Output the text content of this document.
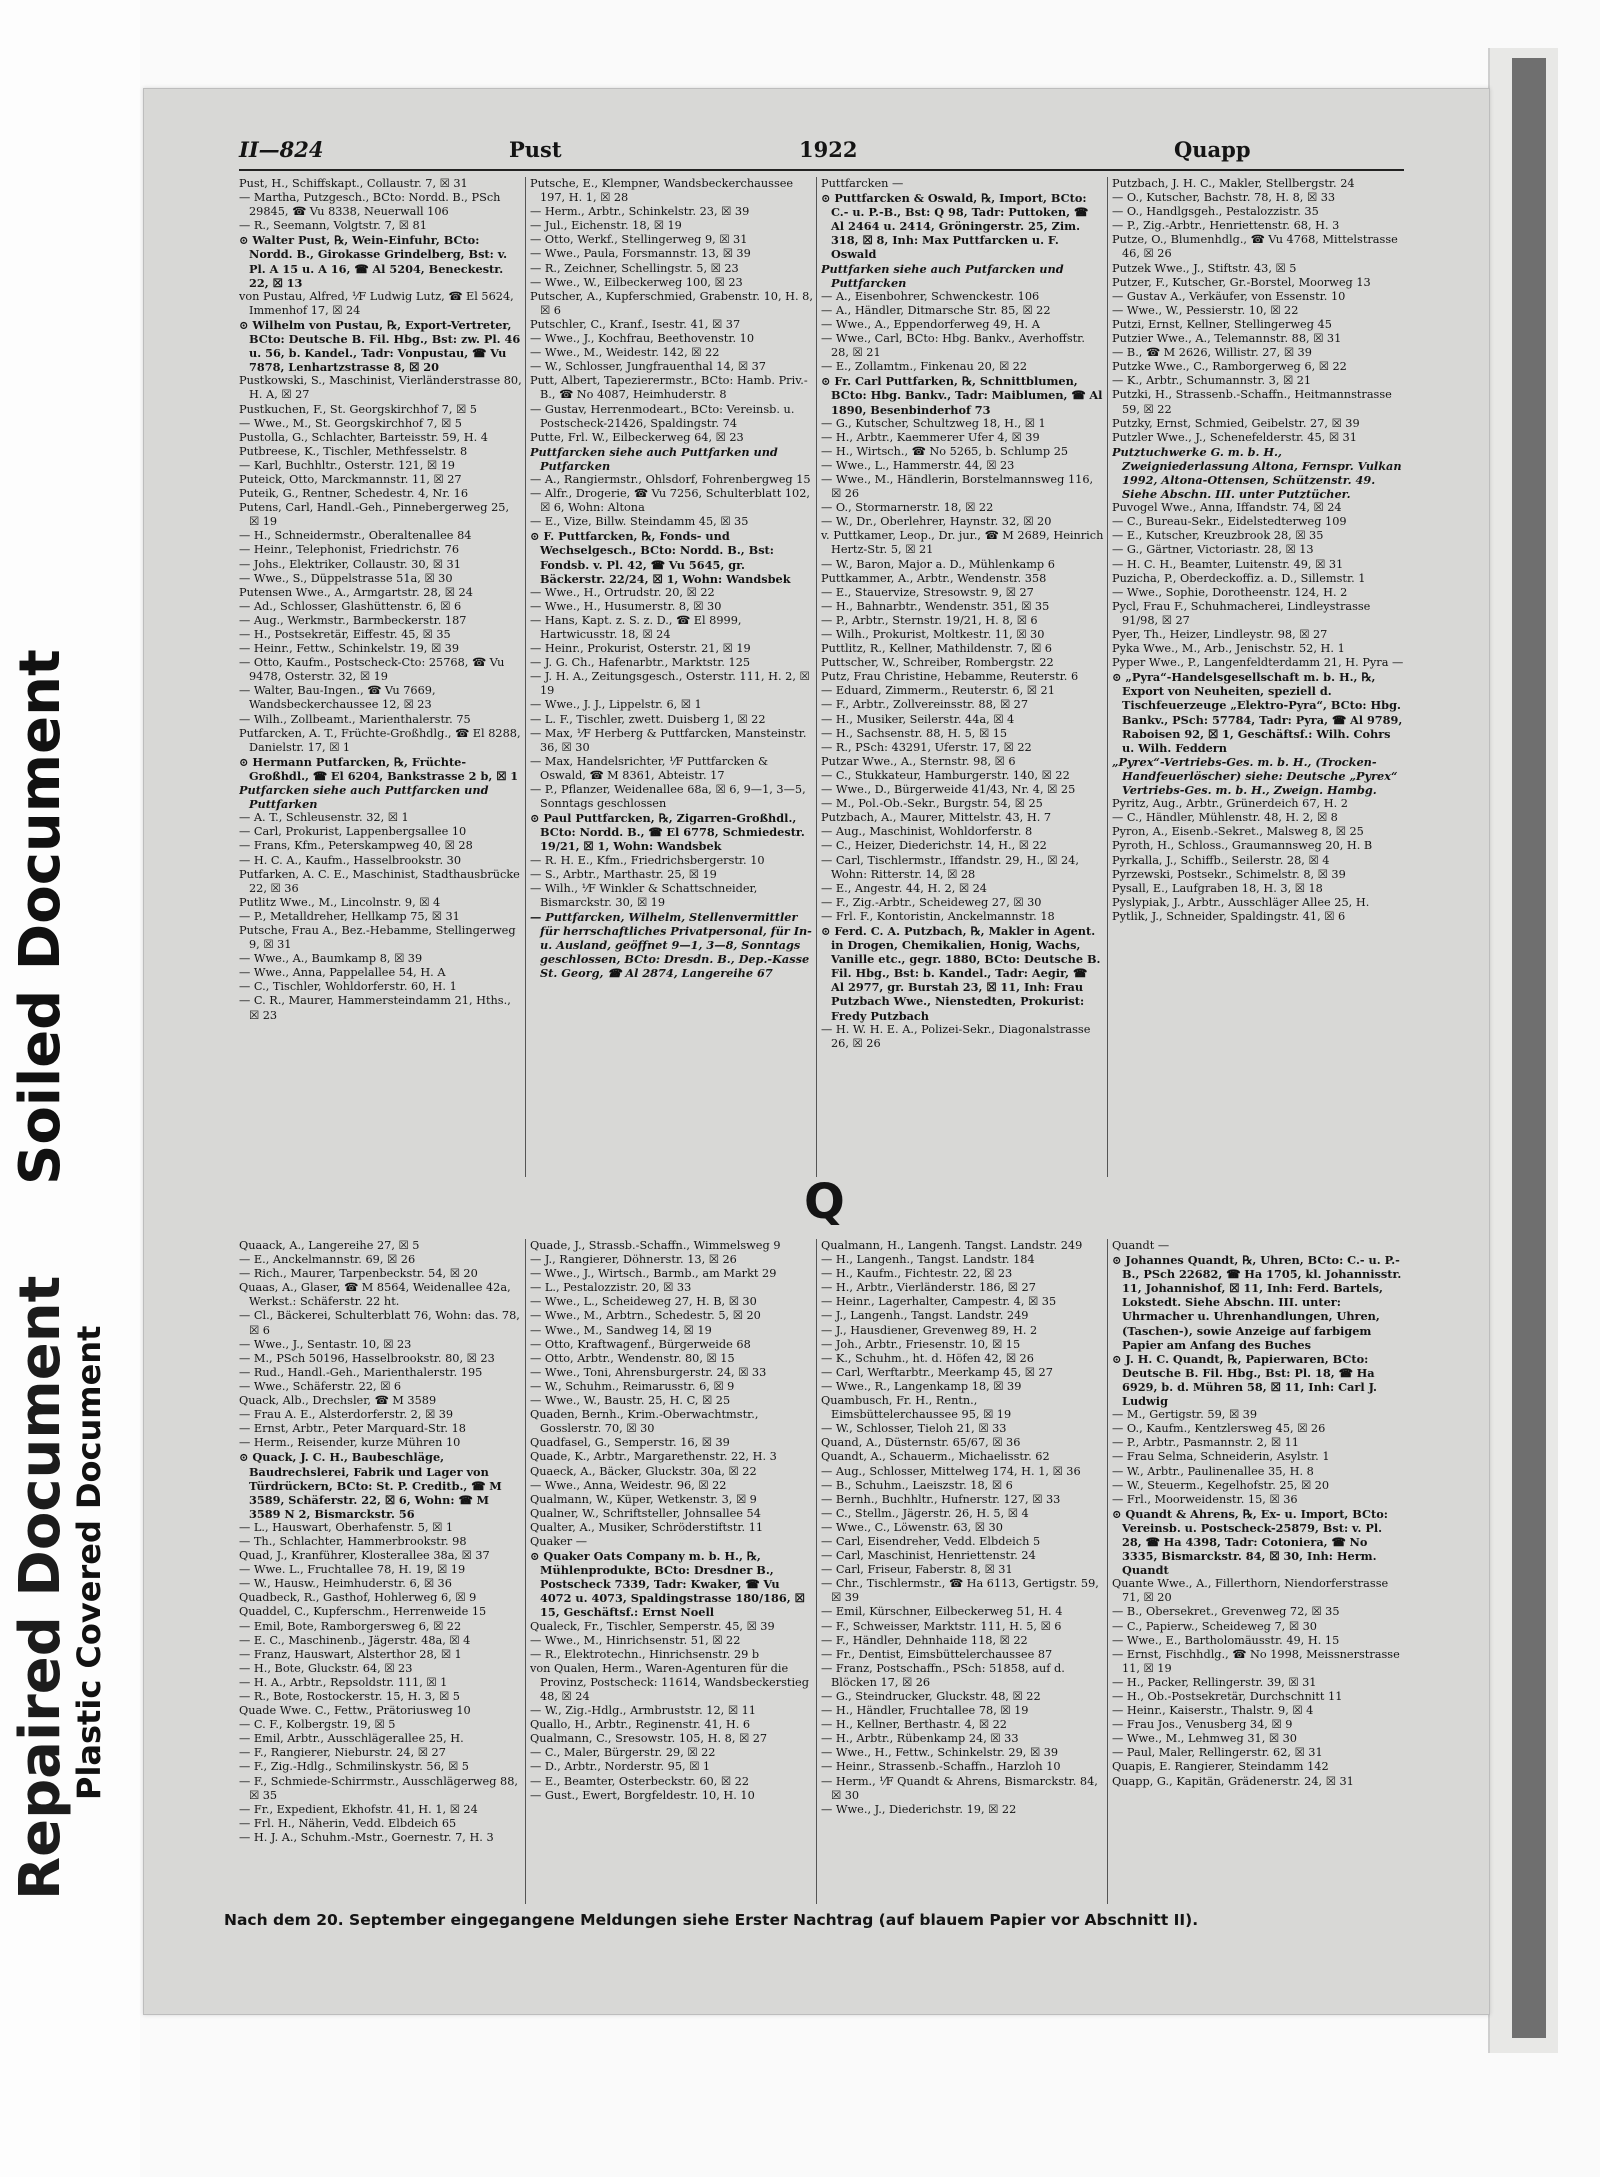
Soiled Document
Repaired Document
Plastic Covered Document
II—824	Pust	1922	Quapp

Pust, H., Schiffskapt., Collaustr. 7, ☒ 31

— Martha, Putzgesch., BCto: Nordd. B., PSch 29845, ☎ Vu 8338, Neuerwall 106

— R., Seemann, Volgtstr. 7, ☒ 81

⊙ Walter Pust, ℞, Wein-Einfuhr, BCto: Nordd. B., Girokasse Grindelberg, Bst: v. Pl. A 15 u. A 16, ☎ Al 5204, Beneckestr. 22, ☒ 13

von Pustau, Alfred, ⅟F Ludwig Lutz, ☎ El 5624, Immenhof 17, ☒ 24

⊙ Wilhelm von Pustau, ℞, Export-Vertreter, BCto: Deutsche B. Fil. Hbg., Bst: zw. Pl. 46 u. 56, b. Kandel., Tadr: Vonpustau, ☎ Vu 7878, Lenhartzstrasse 8, ☒ 20

Pustkowski, S., Maschinist, Vierländerstrasse 80, H. A, ☒ 27

Pustkuchen, F., St. Georgskirchhof 7, ☒ 5

— Wwe., M., St. Georgskirchhof 7, ☒ 5

Pustolla, G., Schlachter, Barteisstr. 59, H. 4

Putbreese, K., Tischler, Methfesselstr. 8

— Karl, Buchhltr., Osterstr. 121, ☒ 19

Puteick, Otto, Marckmannstr. 11, ☒ 27

Puteik, G., Rentner, Schedestr. 4, Nr. 16

Putens, Carl, Handl.-Geh., Pinnebergerweg 25, ☒ 19

— H., Schneidermstr., Oberaltenallee 84

— Heinr., Telephonist, Friedrichstr. 76

— Johs., Elektriker, Collaustr. 30, ☒ 31

— Wwe., S., Düppelstrasse 51a, ☒ 30

Putensen Wwe., A., Armgartstr. 28, ☒ 24

— Ad., Schlosser, Glashüttenstr. 6, ☒ 6

— Aug., Werkmstr., Barmbeckerstr. 187

— H., Postsekretär, Eiffestr. 45, ☒ 35

— Heinr., Fettw., Schinkelstr. 19, ☒ 39

— Otto, Kaufm., Postscheck-Cto: 25768, ☎ Vu 9478, Osterstr. 32, ☒ 19

— Walter, Bau-Ingen., ☎ Vu 7669, Wandsbeckerchaussee 12, ☒ 23

— Wilh., Zollbeamt., Marienthalerstr. 75

Putfarcken, A. T., Früchte-Großhdlg., ☎ El 8288, Danielstr. 17, ☒ 1

⊙ Hermann Putfarcken, ℞, Früchte-Großhdl., ☎ El 6204, Bankstrasse 2 b, ☒ 1

Putfarcken siehe auch Puttfarcken und Puttfarken

— A. T., Schleusenstr. 32, ☒ 1

— Carl, Prokurist, Lappenbergsallee 10

— Frans, Kfm., Peterskampweg 40, ☒ 28

— H. C. A., Kaufm., Hasselbrookstr. 30

Putfarken, A. C. E., Maschinist, Stadthausbrücke 22, ☒ 36

Putlitz Wwe., M., Lincolnstr. 9, ☒ 4

— P., Metalldreher, Hellkamp 75, ☒ 31

Putsche, Frau A., Bez.-Hebamme, Stellingerweg 9, ☒ 31

— Wwe., A., Baumkamp 8, ☒ 39

— Wwe., Anna, Pappelallee 54, H. A

— C., Tischler, Wohldorferstr. 60, H. 1

— C. R., Maurer, Hammersteindamm 21, Hths., ☒ 23

Putsche, E., Klempner, Wandsbeckerchaussee 197, H. 1, ☒ 28

— Herm., Arbtr., Schinkelstr. 23, ☒ 39

— Jul., Eichenstr. 18, ☒ 19

— Otto, Werkf., Stellingerweg 9, ☒ 31

— Wwe., Paula, Forsmannstr. 13, ☒ 39

— R., Zeichner, Schellingstr. 5, ☒ 23

— Wwe., W., Eilbeckerweg 100, ☒ 23

Putscher, A., Kupferschmied, Grabenstr. 10, H. 8, ☒ 6

Putschler, C., Kranf., Isestr. 41, ☒ 37

— Wwe., J., Kochfrau, Beethovenstr. 10

— Wwe., M., Weidestr. 142, ☒ 22

— W., Schlosser, Jungfrauenthal 14, ☒ 37

Putt, Albert, Tapezierermstr., BCto: Hamb. Priv.-B., ☎ No 4087, Heimhuderstr. 8

— Gustav, Herrenmodeart., BCto: Vereinsb. u. Postscheck-21426, Spaldingstr. 74

Putte, Frl. W., Eilbeckerweg 64, ☒ 23

Puttfarcken siehe auch Puttfarken und Putfarcken

— A., Rangiermstr., Ohlsdorf, Fohrenbergweg 15

— Alfr., Drogerie, ☎ Vu 7256, Schulterblatt 102, ☒ 6, Wohn: Altona

— E., Vize, Billw. Steindamm 45, ☒ 35

⊙ F. Puttfarcken, ℞, Fonds- und Wechselgesch., BCto: Nordd. B., Bst: Fondsb. v. Pl. 42, ☎ Vu 5645, gr. Bäckerstr. 22/24, ☒ 1, Wohn: Wandsbek

— Wwe., H., Ortrudstr. 20, ☒ 22

— Wwe., H., Husumerstr. 8, ☒ 30

— Hans, Kapt. z. S. z. D., ☎ El 8999, Hartwicusstr. 18, ☒ 24

— Heinr., Prokurist, Osterstr. 21, ☒ 19

— J. G. Ch., Hafenarbtr., Marktstr. 125

— J. H. A., Zeitungsgesch., Osterstr. 111, H. 2, ☒ 19

— Wwe., J. J., Lippelstr. 6, ☒ 1

— L. F., Tischler, zwett. Duisberg 1, ☒ 22

— Max, ⅟F Herberg & Puttfarcken, Mansteinstr. 36, ☒ 30

— Max, Handelsrichter, ⅟F Puttfarcken & Oswald, ☎ M 8361, Abteistr. 17

— P., Pflanzer, Weidenallee 68a, ☒ 6, 9—1, 3—5, Sonntags geschlossen

⊙ Paul Puttfarcken, ℞, Zigarren-Großhdl., BCto: Nordd. B., ☎ El 6778, Schmiedestr. 19/21, ☒ 1, Wohn: Wandsbek

— R. H. E., Kfm., Friedrichsbergerstr. 10

— S., Arbtr., Marthastr. 25, ☒ 19

— Wilh., ⅟F Winkler & Schattschneider, Bismarckstr. 30, ☒ 19

— Puttfarcken, Wilhelm, Stellenvermittler für herrschaftliches Privatpersonal, für In- u. Ausland, geöffnet 9—1, 3—8, Sonntags geschlossen, BCto: Dresdn. B., Dep.-Kasse St. Georg, ☎ Al 2874, Langereihe 67

Puttfarcken —

⊙ Puttfarcken & Oswald, ℞, Import, BCto: C.- u. P.-B., Bst: Q 98, Tadr: Puttoken, ☎ Al 2464 u. 2414, Gröningerstr. 25, Zim. 318, ☒ 8, Inh: Max Puttfarcken u. F. Oswald

Puttfarken siehe auch Putfarcken und Puttfarcken

— A., Eisenbohrer, Schwenckestr. 106

— A., Händler, Ditmarsche Str. 85, ☒ 22

— Wwe., A., Eppendorferweg 49, H. A

— Wwe., Carl, BCto: Hbg. Bankv., Averhoffstr. 28, ☒ 21

— E., Zollamtm., Finkenau 20, ☒ 22

⊙ Fr. Carl Puttfarken, ℞, Schnittblumen, BCto: Hbg. Bankv., Tadr: Maiblumen, ☎ Al 1890, Besenbinderhof 73

— G., Kutscher, Schultzweg 18, H., ☒ 1

— H., Arbtr., Kaemmerer Ufer 4, ☒ 39

— H., Wirtsch., ☎ No 5265, b. Schlump 25

— Wwe., L., Hammerstr. 44, ☒ 23

— Wwe., M., Händlerin, Borstelmannsweg 116, ☒ 26

— O., Stormarnerstr. 18, ☒ 22

— W., Dr., Oberlehrer, Haynstr. 32, ☒ 20

v. Puttkamer, Leop., Dr. jur., ☎ M 2689, Heinrich Hertz-Str. 5, ☒ 21

— W., Baron, Major a. D., Mühlenkamp 6

Puttkammer, A., Arbtr., Wendenstr. 358

— E., Stauervize, Stresowstr. 9, ☒ 27

— H., Bahnarbtr., Wendenstr. 351, ☒ 35

— P., Arbtr., Sternstr. 19/21, H. 8, ☒ 6

— Wilh., Prokurist, Moltkestr. 11, ☒ 30

Puttlitz, R., Kellner, Mathildenstr. 7, ☒ 6

Puttscher, W., Schreiber, Rombergstr. 22

Putz, Frau Christine, Hebamme, Reuterstr. 6

— Eduard, Zimmerm., Reuterstr. 6, ☒ 21

— F., Arbtr., Zollvereinsstr. 88, ☒ 27

— H., Musiker, Seilerstr. 44a, ☒ 4

— H., Sachsenstr. 88, H. 5, ☒ 15

— R., PSch: 43291, Uferstr. 17, ☒ 22

Putzar Wwe., A., Sternstr. 98, ☒ 6

— C., Stukkateur, Hamburgerstr. 140, ☒ 22

— Wwe., D., Bürgerweide 41/43, Nr. 4, ☒ 25

— M., Pol.-Ob.-Sekr., Burgstr. 54, ☒ 25

Putzbach, A., Maurer, Mittelstr. 43, H. 7

— Aug., Maschinist, Wohldorferstr. 8

— C., Heizer, Diederichstr. 14, H., ☒ 22

— Carl, Tischlermstr., Iffandstr. 29, H., ☒ 24, Wohn: Ritterstr. 14, ☒ 28

— E., Angestr. 44, H. 2, ☒ 24

— F., Zig.-Arbtr., Scheideweg 27, ☒ 30

— Frl. F., Kontoristin, Anckelmannstr. 18

⊙ Ferd. C. A. Putzbach, ℞, Makler in Agent. in Drogen, Chemikalien, Honig, Wachs, Vanille etc., gegr. 1880, BCto: Deutsche B. Fil. Hbg., Bst: b. Kandel., Tadr: Aegir, ☎ Al 2977, gr. Burstah 23, ☒ 11, Inh: Frau Putzbach Wwe., Nienstedten, Prokurist: Fredy Putzbach

— H. W. H. E. A., Polizei-Sekr., Diagonalstrasse 26, ☒ 26

Putzbach, J. H. C., Makler, Stellbergstr. 24

— O., Kutscher, Bachstr. 78, H. 8, ☒ 33

— O., Handlgsgeh., Pestalozzistr. 35

— P., Zig.-Arbtr., Henriettenstr. 68, H. 3

Putze, O., Blumenhdlg., ☎ Vu 4768, Mittelstrasse 46, ☒ 26

Putzek Wwe., J., Stiftstr. 43, ☒ 5

Putzer, F., Kutscher, Gr.-Borstel, Moorweg 13

— Gustav A., Verkäufer, von Essenstr. 10

— Wwe., W., Pessierstr. 10, ☒ 22

Putzi, Ernst, Kellner, Stellingerweg 45

Putzier Wwe., A., Telemannstr. 88, ☒ 31

— B., ☎ M 2626, Willistr. 27, ☒ 39

Putzke Wwe., C., Ramborgerweg 6, ☒ 22

— K., Arbtr., Schumannstr. 3, ☒ 21

Putzki, H., Strassenb.-Schaffn., Heitmannstrasse 59, ☒ 22

Putzky, Ernst, Schmied, Geibelstr. 27, ☒ 39

Putzler Wwe., J., Schenefelderstr. 45, ☒ 31

Putztuchwerke G. m. b. H., Zweigniederlassung Altona, Fernspr. Vulkan 1992, Altona-Ottensen, Schützenstr. 49. Siehe Abschn. III. unter Putztücher.

Puvogel Wwe., Anna, Iffandstr. 74, ☒ 24

— C., Bureau-Sekr., Eidelstedterweg 109

— E., Kutscher, Kreuzbrook 28, ☒ 35

— G., Gärtner, Victoriastr. 28, ☒ 13

— H. C. H., Beamter, Luitenstr. 49, ☒ 31

Puzicha, P., Oberdeckoffiz. a. D., Sillemstr. 1

— Wwe., Sophie, Dorotheenstr. 124, H. 2

Pycl, Frau F., Schuhmacherei, Lindleystrasse 91/98, ☒ 27

Pyer, Th., Heizer, Lindleystr. 98, ☒ 27

Pyka Wwe., M., Arb., Jenischstr. 52, H. 1

Pyper Wwe., P., Langenfeldterdamm 21, H. Pyra —

⊙ „Pyra“-Handelsgesellschaft m. b. H., ℞, Export von Neuheiten, speziell d. Tischfeuerzeuge „Elektro-Pyra“, BCto: Hbg. Bankv., PSch: 57784, Tadr: Pyra, ☎ Al 9789, Raboisen 92, ☒ 1, Geschäftsf.: Wilh. Cohrs u. Wilh. Feddern

„Pyrex“-Vertriebs-Ges. m. b. H., (Trocken-Handfeuerlöscher) siehe: Deutsche „Pyrex“ Vertriebs-Ges. m. b. H., Zweign. Hambg.

Pyritz, Aug., Arbtr., Grünerdeich 67, H. 2

— C., Händler, Mühlenstr. 48, H. 2, ☒ 8

Pyron, A., Eisenb.-Sekret., Malsweg 8, ☒ 25

Pyroth, H., Schloss., Graumannsweg 20, H. B

Pyrkalla, J., Schiffb., Seilerstr. 28, ☒ 4

Pyrzewski, Postsekr., Schimelstr. 8, ☒ 39

Pysall, E., Laufgraben 18, H. 3, ☒ 18

Pyslypiak, J., Arbtr., Ausschläger Allee 25, H.

Pytlik, J., Schneider, Spaldingstr. 41, ☒ 6

Q

Quaack, A., Langereihe 27, ☒ 5

— E., Anckelmannstr. 69, ☒ 26

— Rich., Maurer, Tarpenbeckstr. 54, ☒ 20

Quaas, A., Glaser, ☎ M 8564, Weidenallee 42a, Werkst.: Schäferstr. 22 ht.

— Cl., Bäckerei, Schulterblatt 76, Wohn: das. 78, ☒ 6

— Wwe., J., Sentastr. 10, ☒ 23

— M., PSch 50196, Hasselbrookstr. 80, ☒ 23

— Rud., Handl.-Geh., Marienthalerstr. 195

— Wwe., Schäferstr. 22, ☒ 6

Quack, Alb., Drechsler, ☎ M 3589

— Frau A. E., Alsterdorferstr. 2, ☒ 39

— Ernst, Arbtr., Peter Marquard-Str. 18

— Herm., Reisender, kurze Mühren 10

⊙ Quack, J. C. H., Baubeschläge, Baudrechslerei, Fabrik und Lager von Türdrückern, BCto: St. P. Creditb., ☎ M 3589, Schäferstr. 22, ☒ 6, Wohn: ☎ M 3589 N 2, Bismarckstr. 56

— L., Hauswart, Oberhafenstr. 5, ☒ 1

— Th., Schlachter, Hammerbrookstr. 98

Quad, J., Kranführer, Klosterallee 38a, ☒ 37

— Wwe. L., Fruchtallee 78, H. 19, ☒ 19

— W., Hausw., Heimhuderstr. 6, ☒ 36

Quadbeck, R., Gasthof, Hohlerweg 6, ☒ 9

Quaddel, C., Kupferschm., Herrenweide 15

— Emil, Bote, Ramborgersweg 6, ☒ 22

— E. C., Maschinenb., Jägerstr. 48a, ☒ 4

— Franz, Hauswart, Alsterthor 28, ☒ 1

— H., Bote, Gluckstr. 64, ☒ 23

— H. A., Arbtr., Repsoldstr. 111, ☒ 1

— R., Bote, Rostockerstr. 15, H. 3, ☒ 5

Quade Wwe. C., Fettw., Prätoriusweg 10

— C. F., Kolbergstr. 19, ☒ 5

— Emil, Arbtr., Ausschlägerallee 25, H.

— F., Rangierer, Nieburstr. 24, ☒ 27

— F., Zig.-Hdlg., Schmilinskystr. 56, ☒ 5

— F., Schmiede-Schirrmstr., Ausschlägerweg 88, ☒ 35

— Fr., Expedient, Ekhofstr. 41, H. 1, ☒ 24

— Frl. H., Näherin, Vedd. Elbdeich 65

— H. J. A., Schuhm.-Mstr., Goernestr. 7, H. 3

Quade, J., Strassb.-Schaffn., Wimmelsweg 9

— J., Rangierer, Döhnerstr. 13, ☒ 26

— Wwe., J., Wirtsch., Barmb., am Markt 29

— L., Pestalozzistr. 20, ☒ 33

— Wwe., L., Scheideweg 27, H. B, ☒ 30

— Wwe., M., Arbtrn., Schedestr. 5, ☒ 20

— Wwe., M., Sandweg 14, ☒ 19

— Otto, Kraftwagenf., Bürgerweide 68

— Otto, Arbtr., Wendenstr. 80, ☒ 15

— Wwe., Toni, Ahrensburgerstr. 24, ☒ 33

— W., Schuhm., Reimarusstr. 6, ☒ 9

— Wwe., W., Baustr. 25, H. C, ☒ 25

Quaden, Bernh., Krim.-Oberwachtmstr., Gosslerstr. 70, ☒ 30

Quadfasel, G., Semperstr. 16, ☒ 39

Quade, K., Arbtr., Margarethenstr. 22, H. 3

Quaeck, A., Bäcker, Gluckstr. 30a, ☒ 22

— Wwe., Anna, Weidestr. 96, ☒ 22

Qualmann, W., Küper, Wetkenstr. 3, ☒ 9

Qualner, W., Schriftsteller, Johnsallee 54

Qualter, A., Musiker, Schröderstiftstr. 11

Quaker —

⊙ Quaker Oats Company m. b. H., ℞, Mühlenprodukte, BCto: Dresdner B., Postscheck 7339, Tadr: Kwaker, ☎ Vu 4072 u. 4073, Spaldingstrasse 180/186, ☒ 15, Geschäftsf.: Ernst Noell

Qualeck, Fr., Tischler, Semperstr. 45, ☒ 39

— Wwe., M., Hinrichsenstr. 51, ☒ 22

— R., Elektrotechn., Hinrichsenstr. 29 b

von Qualen, Herm., Waren-Agenturen für die Provinz, Postscheck: 11614, Wandsbeckerstieg 48, ☒ 24

— W., Zig.-Hdlg., Armbruststr. 12, ☒ 11

Quallo, H., Arbtr., Reginenstr. 41, H. 6

Qualmann, C., Sresowstr. 105, H. 8, ☒ 27

— C., Maler, Bürgerstr. 29, ☒ 22

— D., Arbtr., Norderstr. 95, ☒ 1

— E., Beamter, Osterbeckstr. 60, ☒ 22

— Gust., Ewert, Borgfeldestr. 10, H. 10

Qualmann, H., Langenh. Tangst. Landstr. 249

— H., Langenh., Tangst. Landstr. 184

— H., Kaufm., Fichtestr. 22, ☒ 23

— H., Arbtr., Vierländerstr. 186, ☒ 27

— Heinr., Lagerhalter, Campestr. 4, ☒ 35

— J., Langenh., Tangst. Landstr. 249

— J., Hausdiener, Grevenweg 89, H. 2

— Joh., Arbtr., Friesenstr. 10, ☒ 15

— K., Schuhm., ht. d. Höfen 42, ☒ 26

— Carl, Werftarbtr., Meerkamp 45, ☒ 27

— Wwe., R., Langenkamp 18, ☒ 39

Quambusch, Fr. H., Rentn., Eimsbüttelerchaussee 95, ☒ 19

— W., Schlosser, Tieloh 21, ☒ 33

Quand, A., Düsternstr. 65/67, ☒ 36

Quandt, A., Schauerm., Michaelisstr. 62

— Aug., Schlosser, Mittelweg 174, H. 1, ☒ 36

— B., Schuhm., Laeiszstr. 18, ☒ 6

— Bernh., Buchhltr., Hufnerstr. 127, ☒ 33

— C., Stellm., Jägerstr. 26, H. 5, ☒ 4

— Wwe., C., Löwenstr. 63, ☒ 30

— Carl, Eisendreher, Vedd. Elbdeich 5

— Carl, Maschinist, Henriettenstr. 24

— Carl, Friseur, Faberstr. 8, ☒ 31

— Chr., Tischlermstr., ☎ Ha 6113, Gertigstr. 59, ☒ 39

— Emil, Kürschner, Eilbeckerweg 51, H. 4

— F., Schweisser, Marktstr. 111, H. 5, ☒ 6

— F., Händler, Dehnhaide 118, ☒ 22

— Fr., Dentist, Eimsbüttelerchaussee 87

— Franz, Postschaffn., PSch: 51858, auf d. Blöcken 17, ☒ 26

— G., Steindrucker, Gluckstr. 48, ☒ 22

— H., Händler, Fruchtallee 78, ☒ 19

— H., Kellner, Berthastr. 4, ☒ 22

— H., Arbtr., Rübenkamp 24, ☒ 33

— Wwe., H., Fettw., Schinkelstr. 29, ☒ 39

— Heinr., Strassenb.-Schaffn., Harzloh 10

— Herm., ⅟F Quandt & Ahrens, Bismarckstr. 84, ☒ 30

— Wwe., J., Diederichstr. 19, ☒ 22

Quandt —

⊙ Johannes Quandt, ℞, Uhren, BCto: C.- u. P.-B., PSch 22682, ☎ Ha 1705, kl. Johannisstr. 11, Johannishof, ☒ 11, Inh: Ferd. Bartels, Lokstedt. Siehe Abschn. III. unter: Uhrmacher u. Uhrenhandlungen, Uhren, (Taschen-), sowie Anzeige auf farbigem Papier am Anfang des Buches

⊙ J. H. C. Quandt, ℞, Papierwaren, BCto: Deutsche B. Fil. Hbg., Bst: Pl. 18, ☎ Ha 6929, b. d. Mühren 58, ☒ 11, Inh: Carl J. Ludwig

— M., Gertigstr. 59, ☒ 39

— O., Kaufm., Kentzlersweg 45, ☒ 26

— P., Arbtr., Pasmannstr. 2, ☒ 11

— Frau Selma, Schneiderin, Asylstr. 1

— W., Arbtr., Paulinenallee 35, H. 8

— W., Steuerm., Kegelhofstr. 25, ☒ 20

— Frl., Moorweidenstr. 15, ☒ 36

⊙ Quandt & Ahrens, ℞, Ex- u. Import, BCto: Vereinsb. u. Postscheck-25879, Bst: v. Pl. 28, ☎ Ha 4398, Tadr: Cotoniera, ☎ No 3335, Bismarckstr. 84, ☒ 30, Inh: Herm. Quandt

Quante Wwe., A., Fillerthorn, Niendorferstrasse 71, ☒ 20

— B., Obersekret., Grevenweg 72, ☒ 35

— C., Papierw., Scheideweg 7, ☒ 30

— Wwe., E., Bartholomäusstr. 49, H. 15

— Ernst, Fischhdlg., ☎ No 1998, Meissnerstrasse 11, ☒ 19

— H., Packer, Rellingerstr. 39, ☒ 31

— H., Ob.-Postsekretär, Durchschnitt 11

— Heinr., Kaiserstr., Thalstr. 9, ☒ 4

— Frau Jos., Venusberg 34, ☒ 9

— Wwe., M., Lehmweg 31, ☒ 30

— Paul, Maler, Rellingerstr. 62, ☒ 31

Quapis, E. Rangierer, Steindamm 142

Quapp, G., Kapitän, Grädenerstr. 24, ☒ 31

Nach dem 20. September eingegangene Meldungen siehe Erster Nachtrag (auf blauem Papier vor Abschnitt II).
